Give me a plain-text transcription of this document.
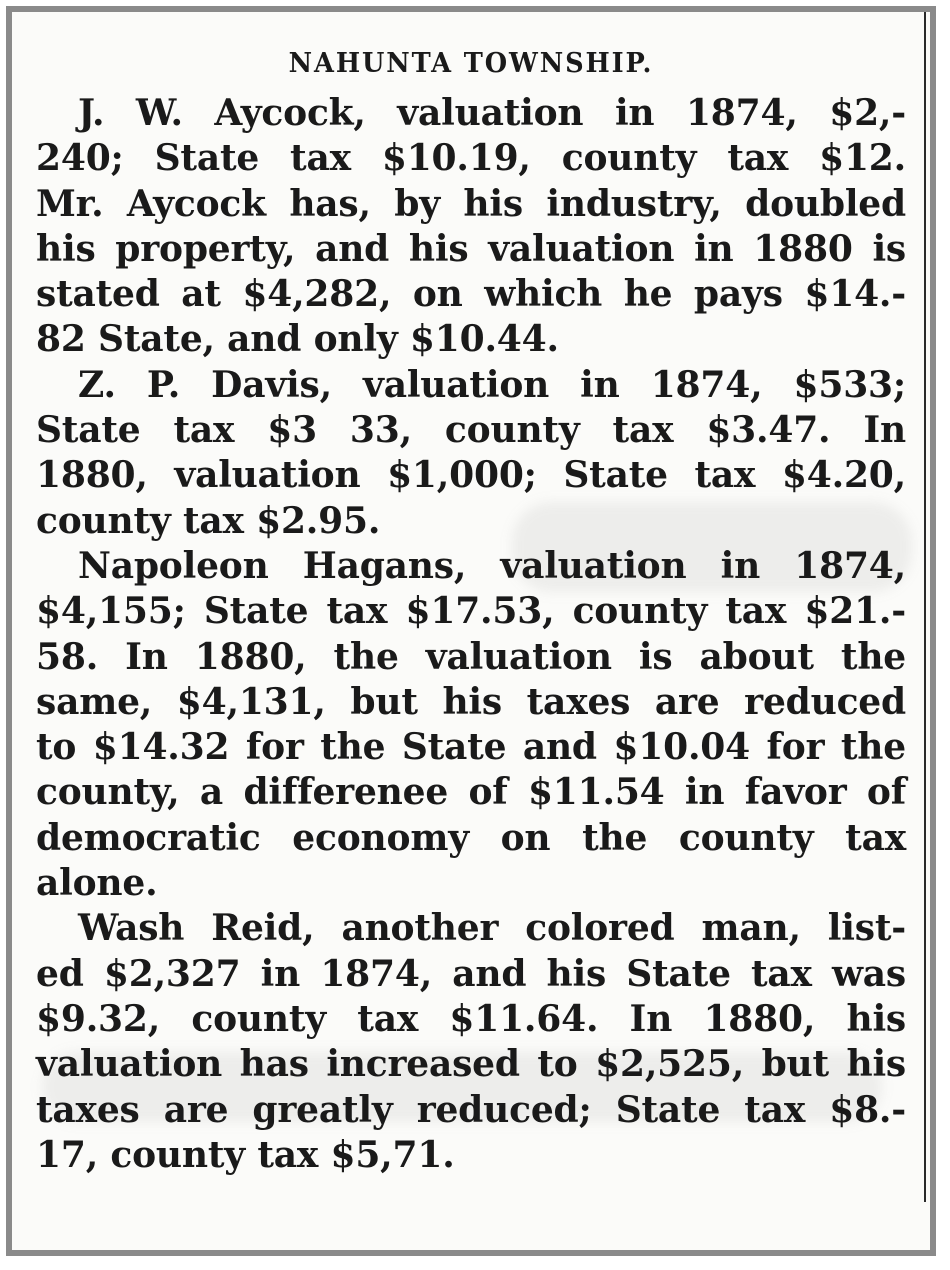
NAHUNTA TOWNSHIP.
J. W. Aycock, valuation in 1874, $2,-
240; State tax $10.19, county tax $12.
Mr. Aycock has, by his industry, doubled
his property, and his valuation in 1880 is
stated at $4,282, on which he pays $14.-
82 State, and only $10.44.
Z. P. Davis, valuation in 1874, $533;
State tax $3 33, county tax $3.47. In
1880, valuation $1,000; State tax $4.20,
county tax $2.95.
Napoleon Hagans, valuation in 1874,
$4,155; State tax $17.53, county tax $21.-
58. In 1880, the valuation is about the
same, $4,131, but his taxes are reduced
to $14.32 for the State and $10.04 for the
county, a differenee of $11.54 in favor of
democratic economy on the county tax
alone.
Wash Reid, another colored man, list-
ed $2,327 in 1874, and his State tax was
$9.32, county tax $11.64. In 1880, his
valuation has increased to $2,525, but his
taxes are greatly reduced; State tax $8.-
17, county tax $5,71.
